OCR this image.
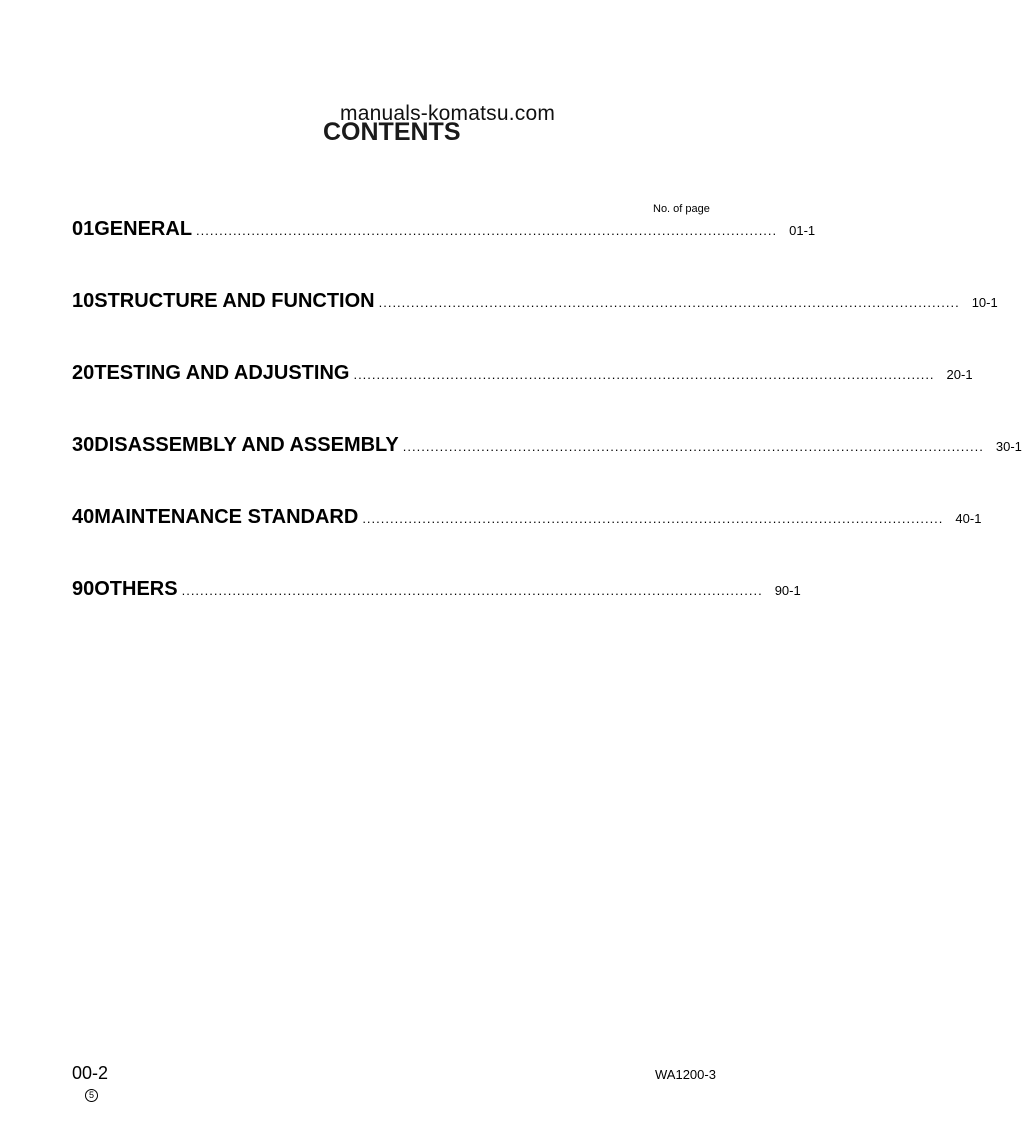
manuals-komatsu.com
CONTENTS
No. of page
01 GENERAL .............................................................................................................................. 01-1
10 STRUCTURE AND FUNCTION .............................................................................................................................. 10-1
20 TESTING AND ADJUSTING .............................................................................................................................. 20-1
30 DISASSEMBLY AND ASSEMBLY .............................................................................................................................. 30-1
40 MAINTENANCE STANDARD .............................................................................................................................. 40-1
90 OTHERS .............................................................................................................................. 90-1
00-2
5
WA1200-3
